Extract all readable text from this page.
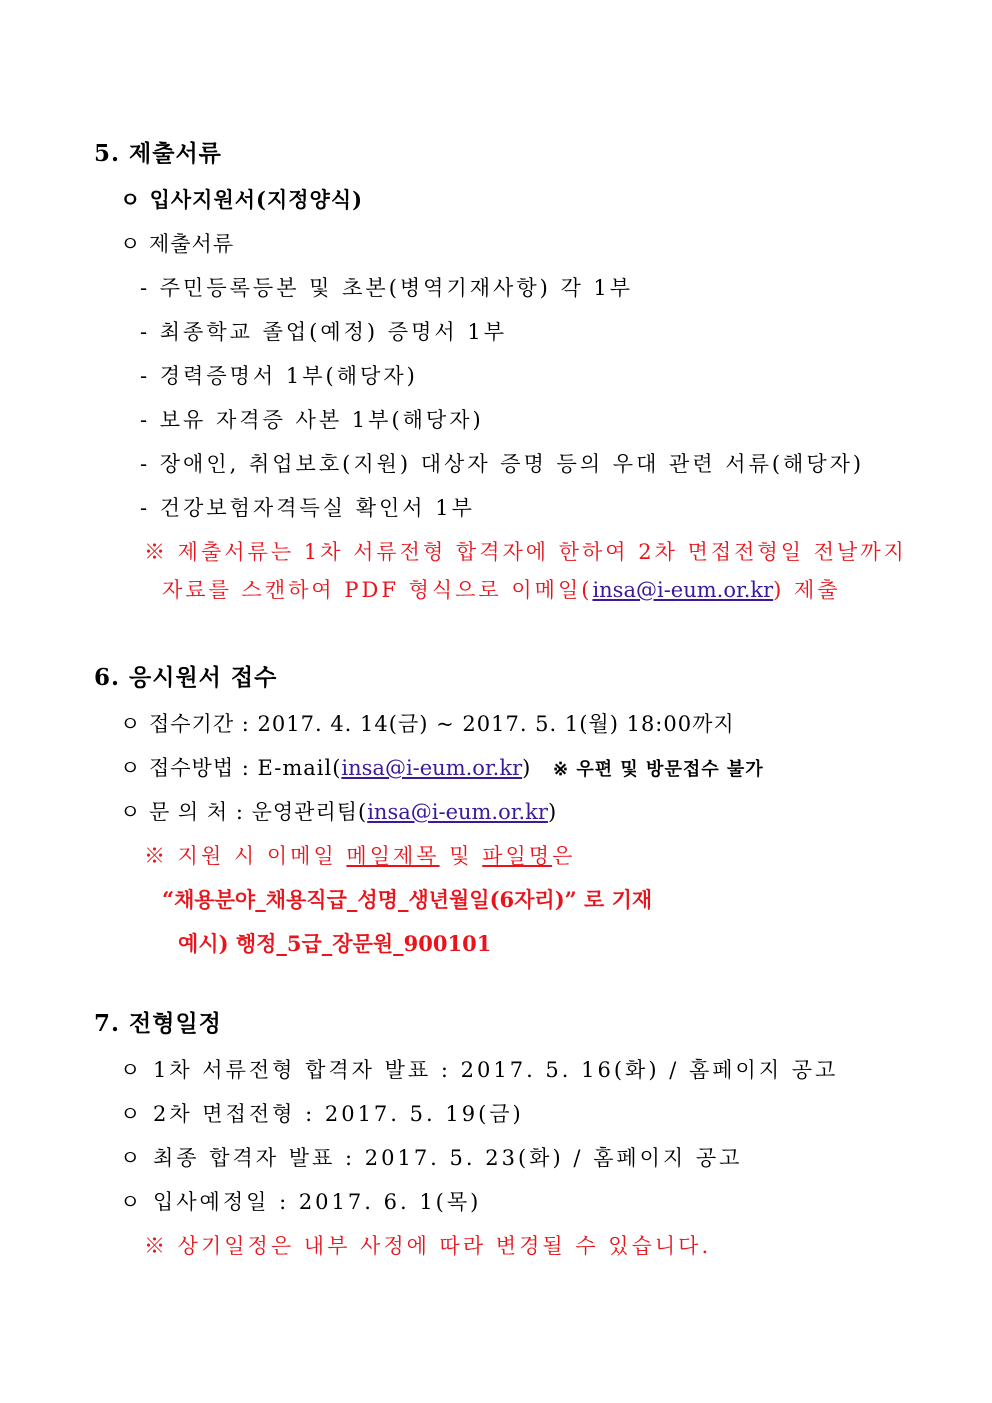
5. 제출서류
ㅇ 입사지원서(지정양식)
ㅇ 제출서류
- 주민등록등본 및 초본(병역기재사항) 각 1부
- 최종학교 졸업(예정) 증명서 1부
- 경력증명서 1부(해당자)
- 보유 자격증 사본 1부(해당자)
- 장애인, 취업보호(지원) 대상자 증명 등의 우대 관련 서류(해당자)
- 건강보험자격득실 확인서 1부
※ 제출서류는 1차 서류전형 합격자에 한하여 2차 면접전형일 전날까지
자료를 스캔하여 PDF 형식으로 이메일(insa@i-eum.or.kr) 제출
6. 응시원서 접수
ㅇ 접수기간 : 2017. 4. 14(금) ~ 2017. 5. 1(월) 18:00까지
ㅇ 접수방법 : E-mail(insa@i-eum.or.kr) ※ 우편 및 방문접수 불가
ㅇ 문 의 처 : 운영관리팀(insa@i-eum.or.kr)
※ 지원 시 이메일 메일제목 및 파일명은
“채용분야_채용직급_성명_생년월일(6자리)” 로 기재
예시) 행정_5급_장문원_900101
7. 전형일정
ㅇ 1차 서류전형 합격자 발표 : 2017. 5. 16(화) / 홈페이지 공고
ㅇ 2차 면접전형 : 2017. 5. 19(금)
ㅇ 최종 합격자 발표 : 2017. 5. 23(화) / 홈페이지 공고
ㅇ 입사예정일 : 2017. 6. 1(목)
※ 상기일정은 내부 사정에 따라 변경될 수 있습니다.
